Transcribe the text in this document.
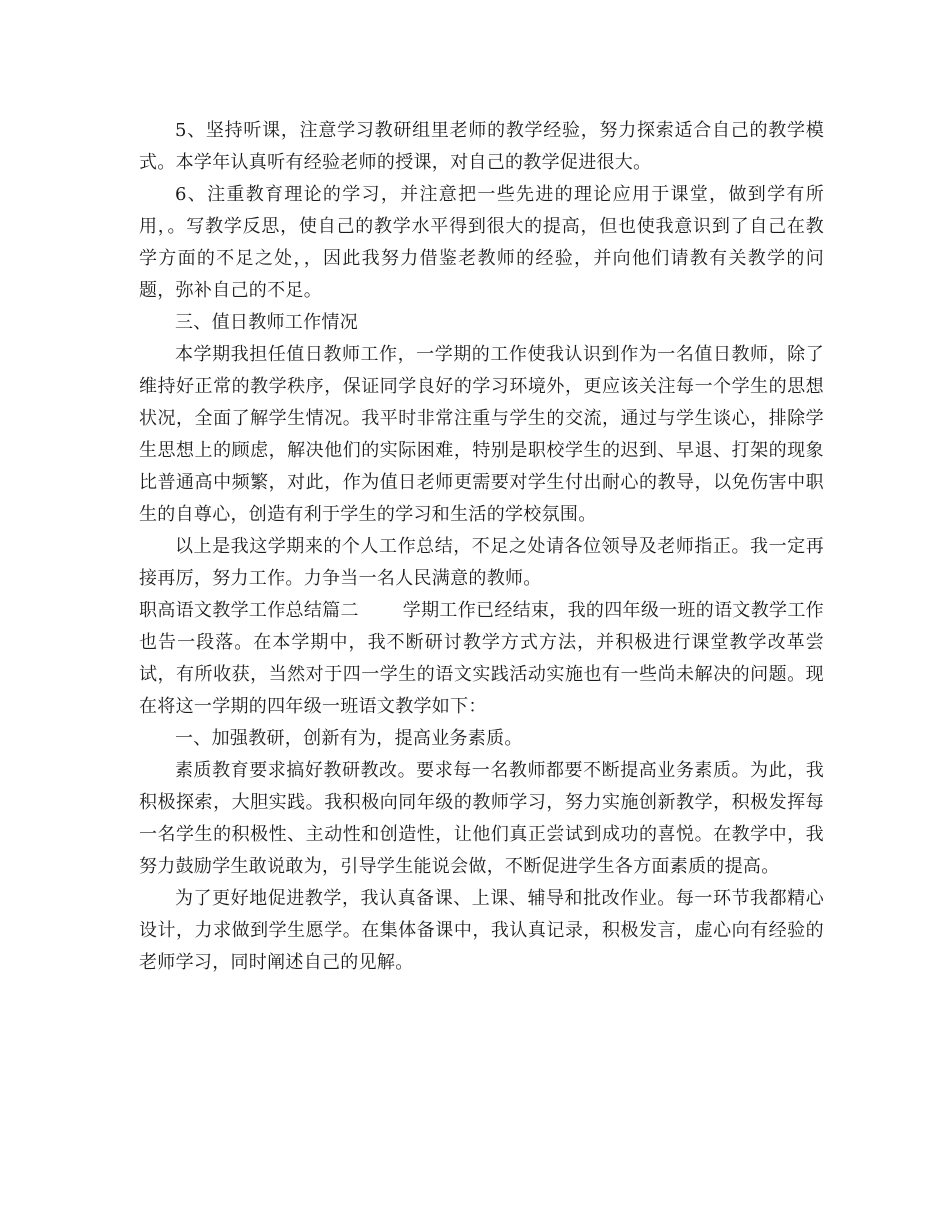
5、坚持听课，注意学习教研组里老师的教学经验，努力探索适合自己的教学模式。本学年认真听有经验老师的授课，对自己的教学促进很大。

6、注重教育理论的学习，并注意把一些先进的理论应用于课堂，做到学有所用，。写教学反思，使自己的教学水平得到很大的提高，但也使我意识到了自己在教学方面的不足之处，，因此我努力借鉴老教师的经验，并向他们请教有关教学的问题，弥补自己的不足。

三、值日教师工作情况

本学期我担任值日教师工作，一学期的工作使我认识到作为一名值日教师，除了维持好正常的教学秩序，保证同学良好的学习环境外，更应该关注每一个学生的思想状况，全面了解学生情况。我平时非常注重与学生的交流，通过与学生谈心，排除学生思想上的顾虑，解决他们的实际困难，特别是职校学生的迟到、早退、打架的现象比普通高中频繁，对此，作为值日老师更需要对学生付出耐心的教导，以免伤害中职生的自尊心，创造有利于学生的学习和生活的学校氛围。

以上是我这学期来的个人工作总结，不足之处请各位领导及老师指正。我一定再接再厉，努力工作。力争当一名人民满意的教师。

职高语文教学工作总结篇二 学期工作已经结束，我的四年级一班的语文教学工作也告一段落。在本学期中，我不断研讨教学方式方法，并积极进行课堂教学改革尝试，有所收获，当然对于四一学生的语文实践活动实施也有一些尚未解决的问题。现在将这一学期的四年级一班语文教学如下：

一、加强教研，创新有为，提高业务素质。

素质教育要求搞好教研教改。要求每一名教师都要不断提高业务素质。为此，我积极探索，大胆实践。我积极向同年级的教师学习，努力实施创新教学，积极发挥每一名学生的积极性、主动性和创造性，让他们真正尝试到成功的喜悦。在教学中，我努力鼓励学生敢说敢为，引导学生能说会做，不断促进学生各方面素质的提高。

为了更好地促进教学，我认真备课、上课、辅导和批改作业。每一环节我都精心设计，力求做到学生愿学。在集体备课中，我认真记录，积极发言，虚心向有经验的老师学习，同时阐述自己的见解。
